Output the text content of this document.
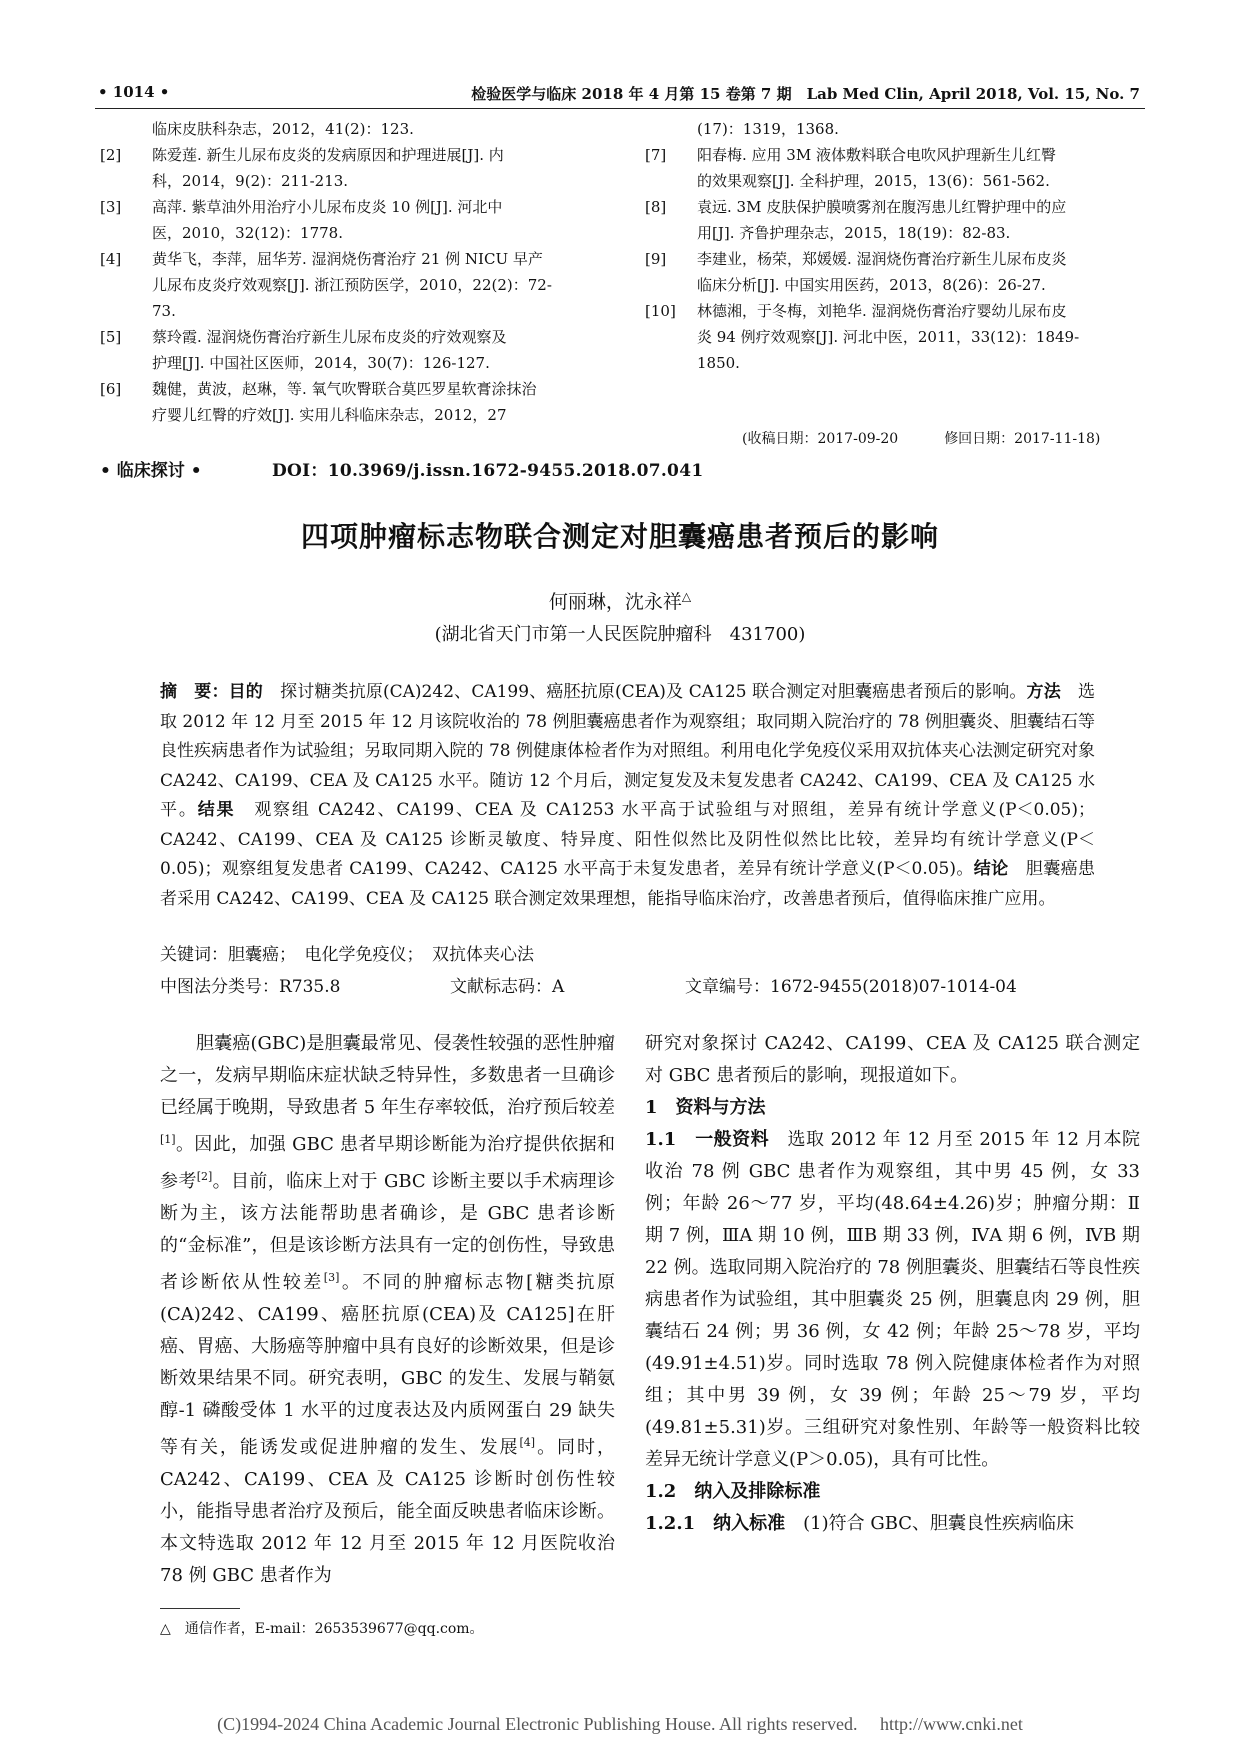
• 1014 •	检验医学与临床 2018 年 4 月第 15 卷第 7 期　Lab Med Clin, April 2018, Vol. 15, No. 7
临床皮肤科杂志，2012，41(2)：123.
[2]	陈爱莲. 新生儿尿布皮炎的发病原因和护理进展[J]. 内
科，2014，9(2)：211-213.
[3]	高萍. 紫草油外用治疗小儿尿布皮炎 10 例[J]. 河北中
医，2010，32(12)：1778.
[4]	黄华飞，李萍，屈华芳. 湿润烧伤膏治疗 21 例 NICU 早产
儿尿布皮炎疗效观察[J]. 浙江预防医学，2010，22(2)：72-
73.
[5]	蔡玲霞. 湿润烧伤膏治疗新生儿尿布皮炎的疗效观察及
护理[J]. 中国社区医师，2014，30(7)：126-127.
[6]	魏健，黄波，赵琳，等. 氧气吹臀联合莫匹罗星软膏涂抹治
疗婴儿红臀的疗效[J]. 实用儿科临床杂志，2012，27
(17)：1319，1368.
[7]	阳春梅. 应用 3M 液体敷料联合电吹风护理新生儿红臀
的效果观察[J]. 全科护理，2015，13(6)：561-562.
[8]	袁远. 3M 皮肤保护膜喷雾剂在腹泻患儿红臀护理中的应
用[J]. 齐鲁护理杂志，2015，18(19)：82-83.
[9]	李建业，杨荣，郑媛媛. 湿润烧伤膏治疗新生儿尿布皮炎
临床分析[J]. 中国实用医药，2013，8(26)：26-27.
[10]	林德湘，于冬梅，刘艳华. 湿润烧伤膏治疗婴幼儿尿布皮
炎 94 例疗效观察[J]. 河北中医，2011，33(12)：1849-
1850.
(收稿日期：2017-09-20	修回日期：2017-11-18)
• 临床探讨 •	DOI：10.3969/j.issn.1672-9455.2018.07.041
四项肿瘤标志物联合测定对胆囊癌患者预后的影响
何丽琳，沈永祥△
(湖北省天门市第一人民医院肿瘤科　431700)
摘　要：目的　探讨糖类抗原(CA)242、CA199、癌胚抗原(CEA)及 CA125 联合测定对胆囊癌患者预后的影响。方法　选取 2012 年 12 月至 2015 年 12 月该院收治的 78 例胆囊癌患者作为观察组；取同期入院治疗的 78 例胆囊炎、胆囊结石等良性疾病患者作为试验组；另取同期入院的 78 例健康体检者作为对照组。利用电化学免疫仪采用双抗体夹心法测定研究对象 CA242、CA199、CEA 及 CA125 水平。随访 12 个月后，测定复发及未复发患者 CA242、CA199、CEA 及 CA125 水平。结果　观察组 CA242、CA199、CEA 及 CA1253 水平高于试验组与对照组，差异有统计学意义(P＜0.05)；CA242、CA199、CEA 及 CA125 诊断灵敏度、特异度、阳性似然比及阴性似然比比较，差异均有统计学意义(P＜0.05)；观察组复发患者 CA199、CA242、CA125 水平高于未复发患者，差异有统计学意义(P＜0.05)。结论　胆囊癌患者采用 CA242、CA199、CEA 及 CA125 联合测定效果理想，能指导临床治疗，改善患者预后，值得临床推广应用。
关键词：胆囊癌；　电化学免疫仪；　双抗体夹心法
中图法分类号：R735.8	文献标志码：A	文章编号：1672-9455(2018)07-1014-04

胆囊癌(GBC)是胆囊最常见、侵袭性较强的恶性肿瘤之一，发病早期临床症状缺乏特异性，多数患者一旦确诊已经属于晚期，导致患者 5 年生存率较低，治疗预后较差[1]。因此，加强 GBC 患者早期诊断能为治疗提供依据和参考[2]。目前，临床上对于 GBC 诊断主要以手术病理诊断为主，该方法能帮助患者确诊，是 GBC 患者诊断的“金标准”，但是该诊断方法具有一定的创伤性，导致患者诊断依从性较差[3]。不同的肿瘤标志物[糖类抗原(CA)242、CA199、癌胚抗原(CEA)及 CA125]在肝癌、胃癌、大肠癌等肿瘤中具有良好的诊断效果，但是诊断效果结果不同。研究表明，GBC 的发生、发展与鞘氨醇-1 磷酸受体 1 水平的过度表达及内质网蛋白 29 缺失等有关，能诱发或促进肿瘤的发生、发展[4]。同时，CA242、CA199、CEA 及 CA125 诊断时创伤性较小，能指导患者治疗及预后，能全面反映患者临床诊断。本文特选取 2012 年 12 月至 2015 年 12 月医院收治 78 例 GBC 患者作为

研究对象探讨 CA242、CA199、CEA 及 CA125 联合测定对 GBC 患者预后的影响，现报道如下。

1　资料与方法

1.1　一般资料　选取 2012 年 12 月至 2015 年 12 月本院收治 78 例 GBC 患者作为观察组，其中男 45 例，女 33 例；年龄 26～77 岁，平均(48.64±4.26)岁；肿瘤分期：Ⅱ期 7 例，ⅢA 期 10 例，ⅢB 期 33 例，ⅣA 期 6 例，ⅣB 期 22 例。选取同期入院治疗的 78 例胆囊炎、胆囊结石等良性疾病患者作为试验组，其中胆囊炎 25 例，胆囊息肉 29 例，胆囊结石 24 例；男 36 例，女 42 例；年龄 25～78 岁，平均(49.91±4.51)岁。同时选取 78 例入院健康体检者作为对照组；其中男 39 例，女 39 例；年龄 25～79 岁，平均(49.81±5.31)岁。三组研究对象性别、年龄等一般资料比较差异无统计学意义(P＞0.05)，具有可比性。

1.2　纳入及排除标准

1.2.1　纳入标准　(1)符合 GBC、胆囊良性疾病临床

△　通信作者，E-mail：2653539677@qq.com。
(C)1994-2024 China Academic Journal Electronic Publishing House. All rights reserved.　 http://www.cnki.net
